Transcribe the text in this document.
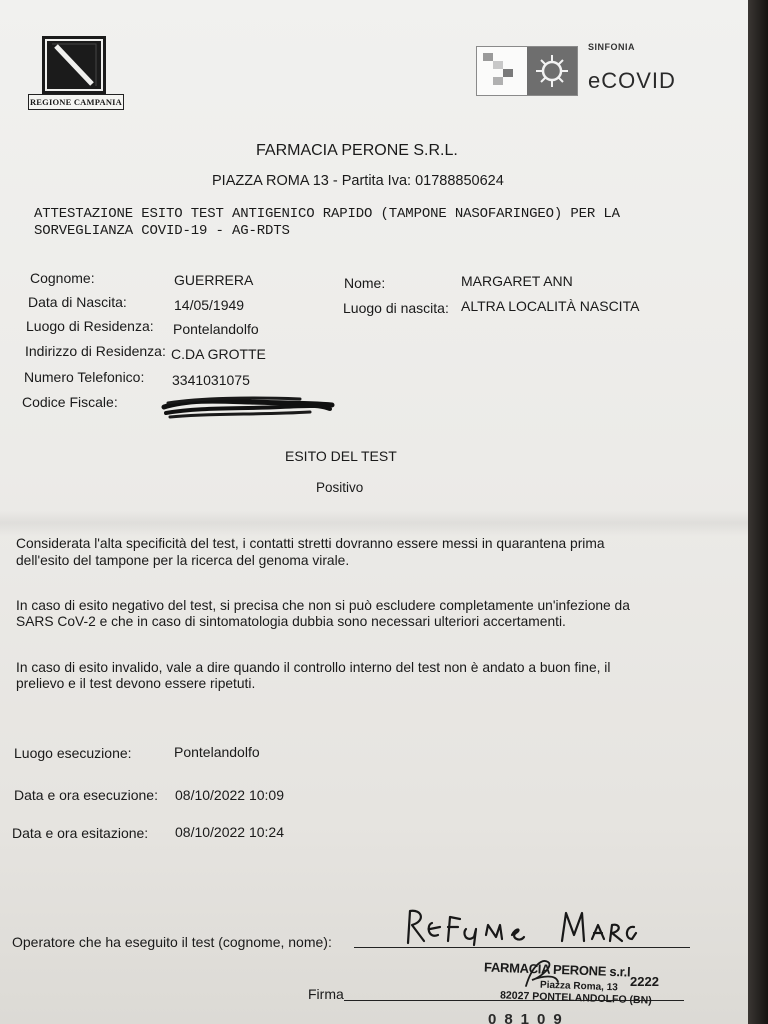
REGIONE CAMPANIA
SINFONIA
eCOVID
FARMACIA PERONE S.R.L.
PIAZZA ROMA 13 - Partita Iva: 01788850624
ATTESTAZIONE ESITO TEST ANTIGENICO RAPIDO (TAMPONE NASOFARINGEO) PER LA
SORVEGLIANZA COVID-19 - AG-RDTS
Cognome:	GUERRERA	Nome:	MARGARET ANN
Data di Nascita:	14/05/1949	Luogo di nascita: ALTRA LOCALITÀ NASCITA
Luogo di Residenza: Pontelandolfo
Indirizzo di Residenza: C.DA GROTTE
Numero Telefonico: 3341031075
Codice Fiscale:
ESITO DEL TEST
Positivo
Considerata l'alta specificità del test, i contatti stretti dovranno essere messi in quarantena prima
dell'esito del tampone per la ricerca del genoma virale.
In caso di esito negativo del test, si precisa che non si può escludere completamente un'infezione da
SARS CoV-2 e che in caso di sintomatologia dubbia sono necessari ulteriori accertamenti.
In caso di esito invalido, vale a dire quando il controllo interno del test non è andato a buon fine, il
prelievo e il test devono essere ripetuti.
Luogo esecuzione:	Pontelandolfo
Data e ora esecuzione: 08/10/2022 10:09
Data e ora esitazione: 08/10/2022 10:24
Operatore che ha eseguito il test (cognome, nome):
Firma
FARMACIA PERONE s.r.l
Piazza Roma, 13
82027 PONTELANDOLFO (BN)
2222
08109
